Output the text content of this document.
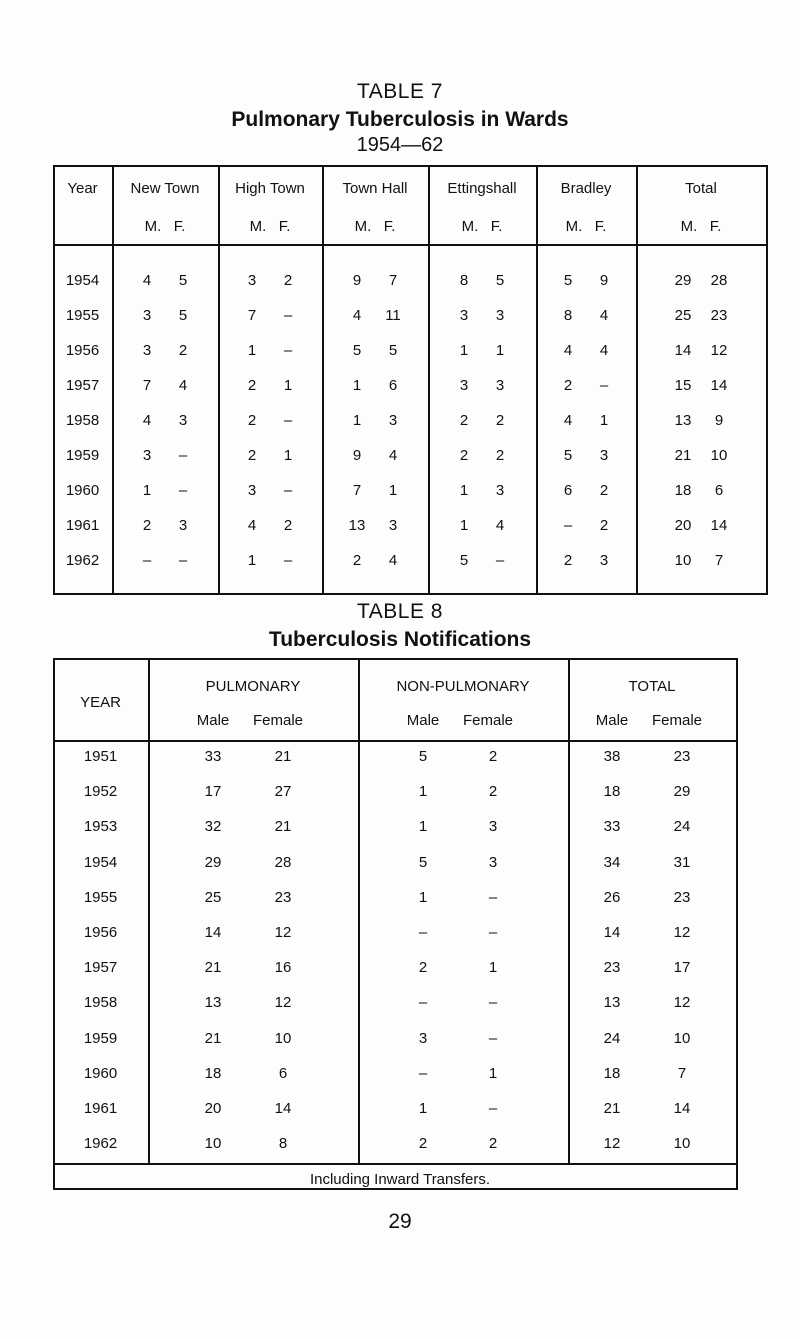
TABLE 7
Pulmonary Tuberculosis in Wards
1954—62
Year	New Town
M.   F.
High Town
M.   F.
Town Hall
M.   F.
Ettingshall
M.   F.
Bradley
M.   F.
Total
M.   F.
1954	4	5	3	2	9	7	8	5	5	9	29	28
1955	3	5	7	–	4	11	3	3	8	4	25	23
1956	3	2	1	–	5	5	1	1	4	4	14	12
1957	7	4	2	1	1	6	3	3	2	–	15	14
1958	4	3	2	–	1	3	2	2	4	1	13	9
1959	3	–	2	1	9	4	2	2	5	3	21	10
1960	1	–	3	–	7	1	1	3	6	2	18	6
1961	2	3	4	2	13	3	1	4	–	2	20	14
1962	–	–	1	–	2	4	5	–	2	3	10	7
TABLE 8
Tuberculosis Notifications
YEAR
PULMONARY
Male	Female
NON-PULMONARY
Male	Female
TOTAL
Male	Female
1951	33	21	5	2	38	23
1952	17	27	1	2	18	29
1953	32	21	1	3	33	24
1954	29	28	5	3	34	31
1955	25	23	1	–	26	23
1956	14	12	–	–	14	12
1957	21	16	2	1	23	17
1958	13	12	–	–	13	12
1959	21	10	3	–	24	10
1960	18	6	–	1	18	7
1961	20	14	1	–	21	14
1962	10	8	2	2	12	10
Including Inward Transfers.
29
